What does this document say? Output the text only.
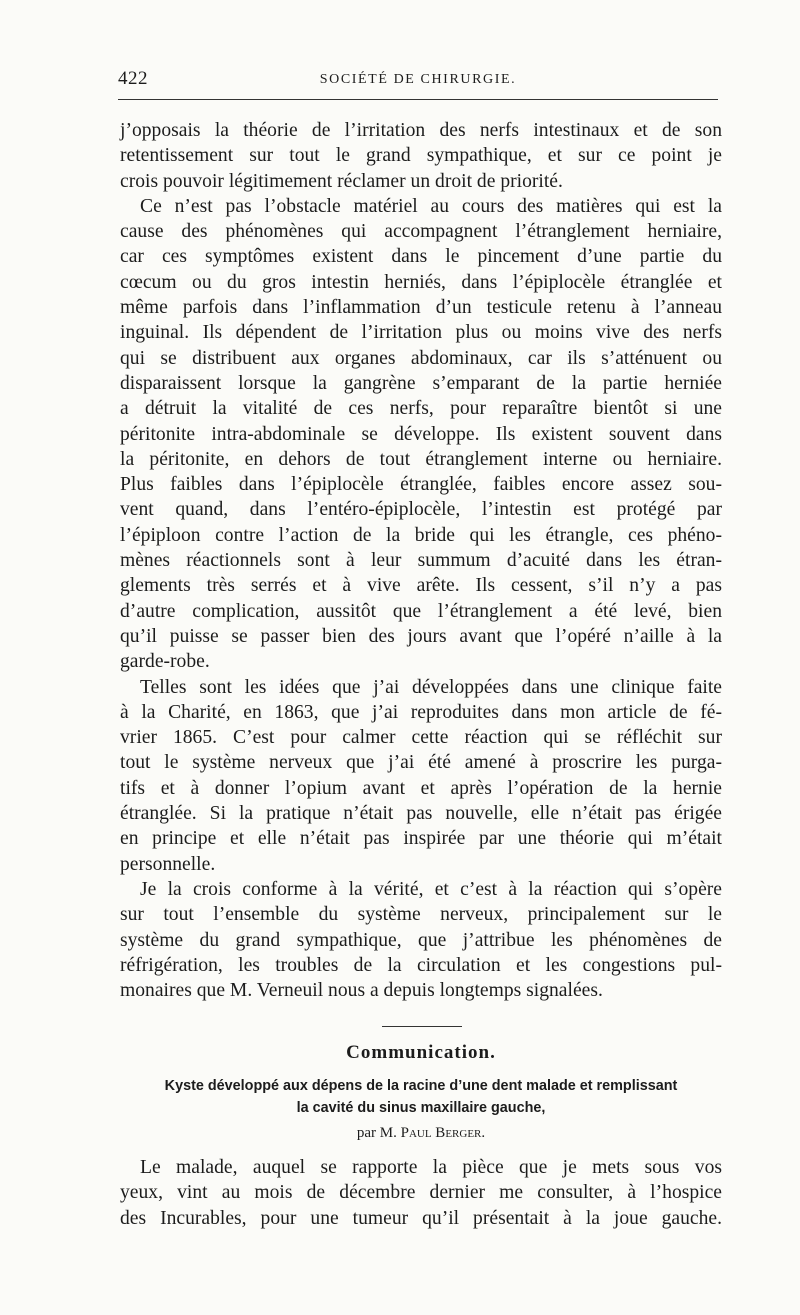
422	SOCIÉTÉ DE CHIRURGIE.
j’opposais la théorie de l’irritation des nerfs intestinaux et de son
retentissement sur tout le grand sympathique, et sur ce point je
crois pouvoir légitimement réclamer un droit de priorité.
Ce n’est pas l’obstacle matériel au cours des matières qui est la
cause des phénomènes qui accompagnent l’étranglement herniaire,
car ces symptômes existent dans le pincement d’une partie du
cœcum ou du gros intestin herniés, dans l’épiplocèle étranglée et
même parfois dans l’inflammation d’un testicule retenu à l’anneau
inguinal. Ils dépendent de l’irritation plus ou moins vive des nerfs
qui se distribuent aux organes abdominaux, car ils s’atténuent ou
disparaissent lorsque la gangrène s’emparant de la partie herniée
a détruit la vitalité de ces nerfs, pour reparaître bientôt si une
péritonite intra-abdominale se développe. Ils existent souvent dans
la péritonite, en dehors de tout étranglement interne ou herniaire.
Plus faibles dans l’épiplocèle étranglée, faibles encore assez sou-
vent quand, dans l’entéro-épiplocèle, l’intestin est protégé par
l’épiploon contre l’action de la bride qui les étrangle, ces phéno-
mènes réactionnels sont à leur summum d’acuité dans les étran-
glements très serrés et à vive arête. Ils cessent, s’il n’y a pas
d’autre complication, aussitôt que l’étranglement a été levé, bien
qu’il puisse se passer bien des jours avant que l’opéré n’aille à la
garde-robe.
Telles sont les idées que j’ai développées dans une clinique faite
à la Charité, en 1863, que j’ai reproduites dans mon article de fé-
vrier 1865. C’est pour calmer cette réaction qui se réfléchit sur
tout le système nerveux que j’ai été amené à proscrire les purga-
tifs et à donner l’opium avant et après l’opération de la hernie
étranglée. Si la pratique n’était pas nouvelle, elle n’était pas érigée
en principe et elle n’était pas inspirée par une théorie qui m’était
personnelle.
Je la crois conforme à la vérité, et c’est à la réaction qui s’opère
sur tout l’ensemble du système nerveux, principalement sur le
système du grand sympathique, que j’attribue les phénomènes de
réfrigération, les troubles de la circulation et les congestions pul-
monaires que M. Verneuil nous a depuis longtemps signalées.
Communication.
Kyste développé aux dépens de la racine d’une dent malade et remplissant
la cavité du sinus maxillaire gauche,
par M. Paul Berger.
Le malade, auquel se rapporte la pièce que je mets sous vos
yeux, vint au mois de décembre dernier me consulter, à l’hospice
des Incurables, pour une tumeur qu’il présentait à la joue gauche.
